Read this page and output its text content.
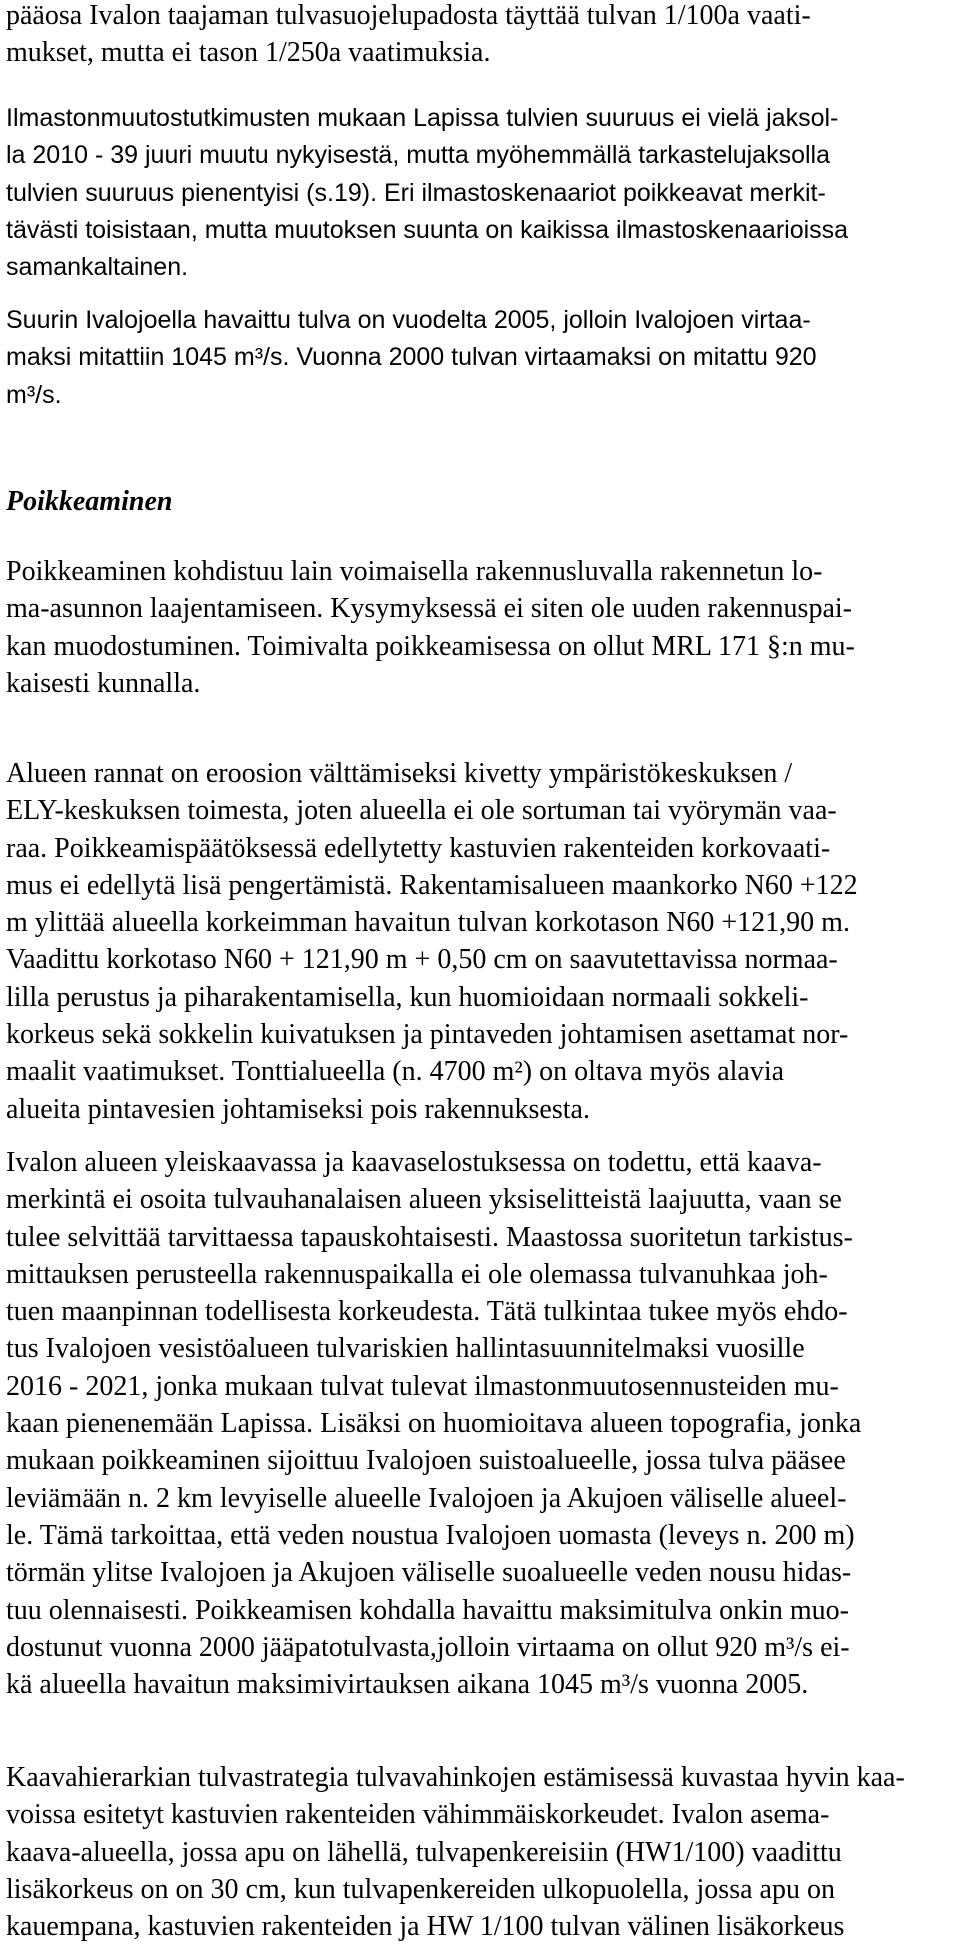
pääosa Ivalon taajaman tulvasuojelupadosta täyttää tulvan 1/100a vaati-
mukset, mutta ei tason 1/250a vaatimuksia.

Ilmastonmuutostutkimusten mukaan Lapissa tulvien suuruus ei vielä jaksol-
la 2010 - 39 juuri muutu nykyisestä, mutta myöhemmällä tarkastelujaksolla
tulvien suuruus pienentyisi (s.19). Eri ilmastoskenaariot poikkeavat merkit-
tävästi toisistaan, mutta muutoksen suunta on kaikissa ilmastoskenaarioissa
samankaltainen.

Suurin Ivalojoella havaittu tulva on vuodelta 2005, jolloin Ivalojoen virtaa-
maksi mitattiin 1045 m³/s. Vuonna 2000 tulvan virtaamaksi on mitattu 920
m³/s.

Poikkeaminen

Poikkeaminen kohdistuu lain voimaisella rakennusluvalla rakennetun lo-
ma-asunnon laajentamiseen. Kysymyksessä ei siten ole uuden rakennuspai-
kan muodostuminen. Toimivalta poikkeamisessa on ollut MRL 171 §:n mu-
kaisesti kunnalla.

Alueen rannat on eroosion välttämiseksi kivetty ympäristökeskuksen /
ELY-keskuksen toimesta, joten alueella ei ole sortuman tai vyörymän vaa-
raa. Poikkeamispäätöksessä edellytetty kastuvien rakenteiden korkovaati-
mus ei edellytä lisä pengertämistä. Rakentamisalueen maankorko N60 +122
m ylittää alueella korkeimman havaitun tulvan korkotason N60 +121,90 m.
Vaadittu korkotaso N60 + 121,90 m + 0,50 cm on saavutettavissa normaa-
lilla perustus ja piharakentamisella, kun huomioidaan normaali sokkeli-
korkeus sekä sokkelin kuivatuksen ja pintaveden johtamisen asettamat nor-
maalit vaatimukset. Tonttialueella (n. 4700 m²) on oltava myös alavia
alueita pintavesien johtamiseksi pois rakennuksesta.

Ivalon alueen yleiskaavassa ja kaavaselostuksessa on todettu, että kaava-
merkintä ei osoita tulvauhanalaisen alueen yksiselitteistä laajuutta, vaan se
tulee selvittää tarvittaessa tapauskohtaisesti. Maastossa suoritetun tarkistus-
mittauksen perusteella rakennuspaikalla ei ole olemassa tulvanuhkaa joh-
tuen maanpinnan todellisesta korkeudesta. Tätä tulkintaa tukee myös ehdo-
tus Ivalojoen vesistöalueen tulvariskien hallintasuunnitelmaksi vuosille
2016 - 2021, jonka mukaan tulvat tulevat ilmastonmuutosennusteiden mu-
kaan pienenemään Lapissa. Lisäksi on huomioitava alueen topografia, jonka
mukaan poikkeaminen sijoittuu Ivalojoen suistoalueelle, jossa tulva pääsee
leviämään n. 2 km levyiselle alueelle Ivalojoen ja Akujoen väliselle alueel-
le. Tämä tarkoittaa, että veden noustua Ivalojoen uomasta (leveys n. 200 m)
törmän ylitse Ivalojoen ja Akujoen väliselle suoalueelle veden nousu hidas-
tuu olennaisesti. Poikkeamisen kohdalla havaittu maksimitulva onkin muo-
dostunut vuonna 2000 jääpatotulvasta,jolloin virtaama on ollut 920 m³/s ei-
kä alueella havaitun maksimivirtauksen aikana 1045 m³/s vuonna 2005.

Kaavahierarkian tulvastrategia tulvavahinkojen estämisessä kuvastaa hyvin kaa-
voissa esitetyt kastuvien rakenteiden vähimmäiskorkeudet. Ivalon asema-
kaava-alueella, jossa apu on lähellä, tulvapenkereisiin (HW1/100) vaadittu
lisäkorkeus on on 30 cm, kun tulvapenkereiden ulkopuolella, jossa apu on
kauempana, kastuvien rakenteiden ja HW 1/100 tulvan välinen lisäkorkeus
